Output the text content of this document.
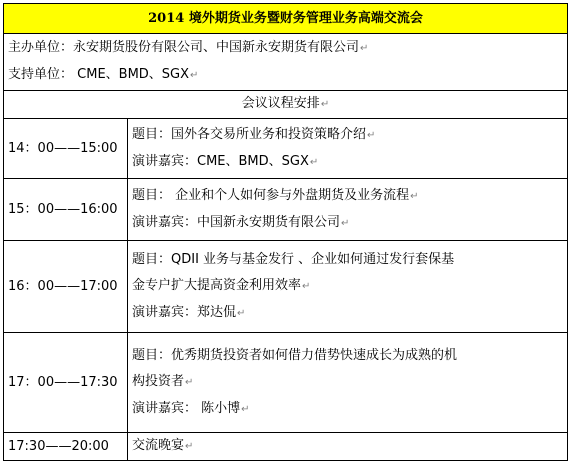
2014 境外期货业务暨财务管理业务高端交流会	

主办单位：永安期货股份有限公司、中国新永安期货有限公司↵
支持单位： CME、BMD、SGX↵	

会议议程安排↵	
14：00——15:00	题目：国外各交易所业务和投资策略介绍↵
演讲嘉宾：CME、BMD、SGX↵

15：00——16:00	题目： 企业和个人如何参与外盘期货及业务流程↵
演讲嘉宾：中国新永安期货有限公司↵

16：00——17:00	题目：QDII 业务与基金发行 、企业如何通过发行套保基
金专户扩大提高资金利用效率↵
演讲嘉宾：郑达侃↵

17：00——17:30	题目：优秀期货投资者如何借力借势快速成长为成熟的机
构投资者↵
演讲嘉宾： 陈小博↵

17:30——20:00	交流晚宴↵
